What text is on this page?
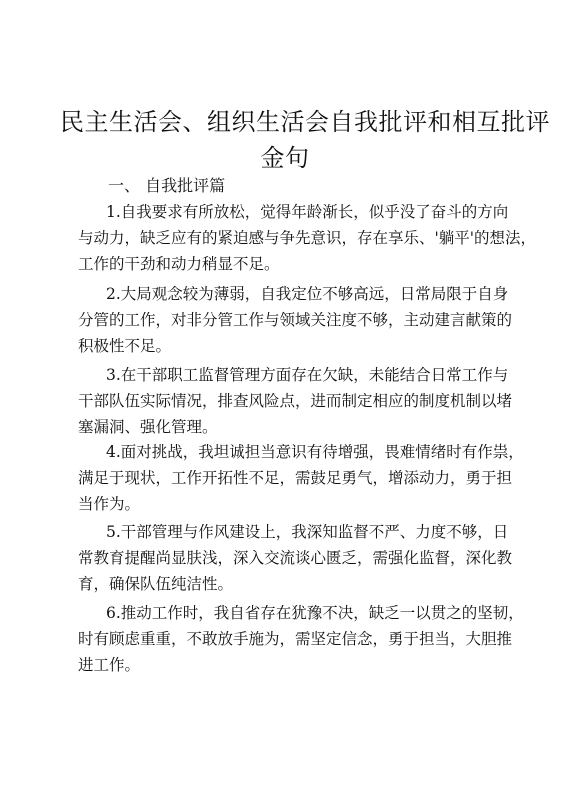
民主生活会、组织生活会自我批评和相互批评
金句
一、 自我批评篇
1.自我要求有所放松，觉得年龄渐长，似乎没了奋斗的方向
与动力，缺乏应有的紧迫感与争先意识，存在享乐、'躺平'的想法，
工作的干劲和动力稍显不足。
2.大局观念较为薄弱，自我定位不够高远，日常局限于自身
分管的工作，对非分管工作与领域关注度不够，主动建言献策的
积极性不足。
3.在干部职工监督管理方面存在欠缺，未能结合日常工作与
干部队伍实际情况，排查风险点，进而制定相应的制度机制以堵
塞漏洞、强化管理。
4.面对挑战，我坦诚担当意识有待增强，畏难情绪时有作祟，
满足于现状，工作开拓性不足，需鼓足勇气，增添动力，勇于担
当作为。
5.干部管理与作风建设上，我深知监督不严、力度不够，日
常教育提醒尚显肤浅，深入交流谈心匮乏，需强化监督，深化教
育，确保队伍纯洁性。
6.推动工作时，我自省存在犹豫不决，缺乏一以贯之的坚韧，
时有顾虑重重，不敢放手施为，需坚定信念，勇于担当，大胆推
进工作。
